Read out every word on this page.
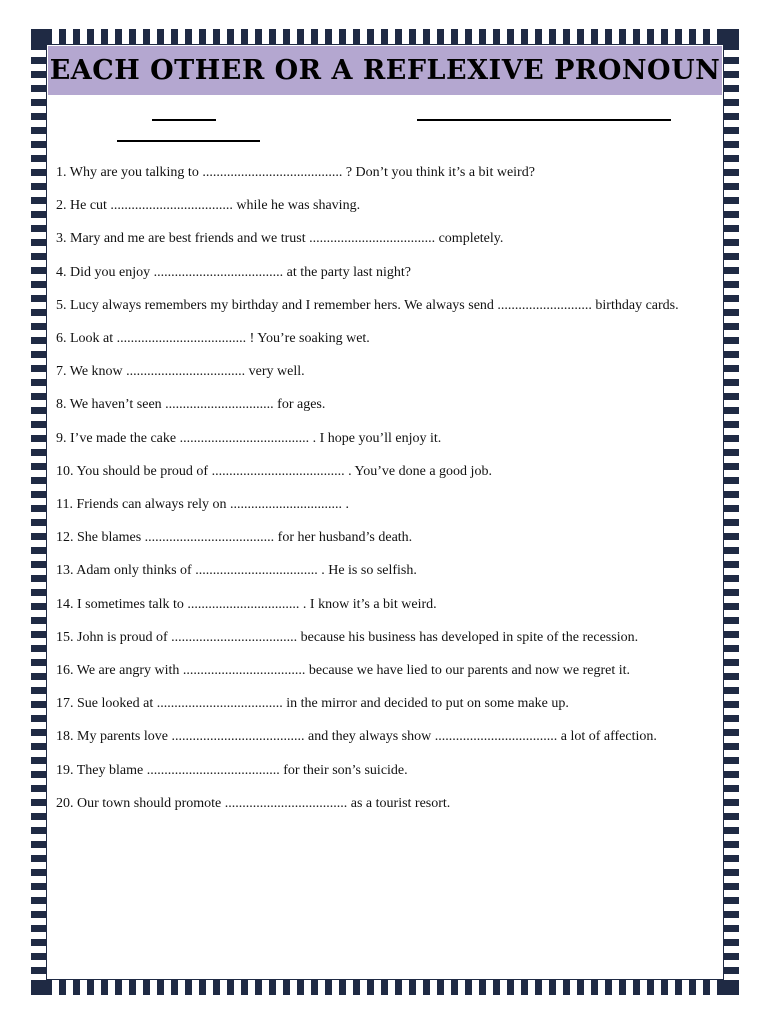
EACH OTHER OR A REFLEXIVE PRONOUN
1. Why are you talking to ........................................ ? Don’t you think it’s a bit weird?
2. He cut ................................... while he was shaving.
3. Mary and me are best friends and we trust .................................... completely.
4. Did you enjoy ..................................... at the party last night?
5. Lucy always remembers my birthday and I remember hers. We always send ........................... birthday cards.
6. Look at ..................................... ! You’re soaking wet.
7. We know .................................. very well.
8. We haven’t seen ............................... for ages.
9. I’ve made the cake ..................................... . I hope you’ll enjoy it.
10. You should be proud of ...................................... . You’ve done a good job.
11. Friends can always rely on ................................ .
12. She blames ..................................... for her husband’s death.
13. Adam only thinks of ................................... . He is so selfish.
14. I sometimes talk to ................................ . I know it’s a bit weird.
15. John is proud of .................................... because his business has developed in spite of the recession.
16. We are angry with ................................... because we have lied to our parents and now we regret it.
17. Sue looked at .................................... in the mirror and decided to put on some make up.
18. My parents love ...................................... and they always show ................................... a lot of affection.
19. They blame ...................................... for their son’s suicide.
20. Our town should promote ................................... as a tourist resort.
